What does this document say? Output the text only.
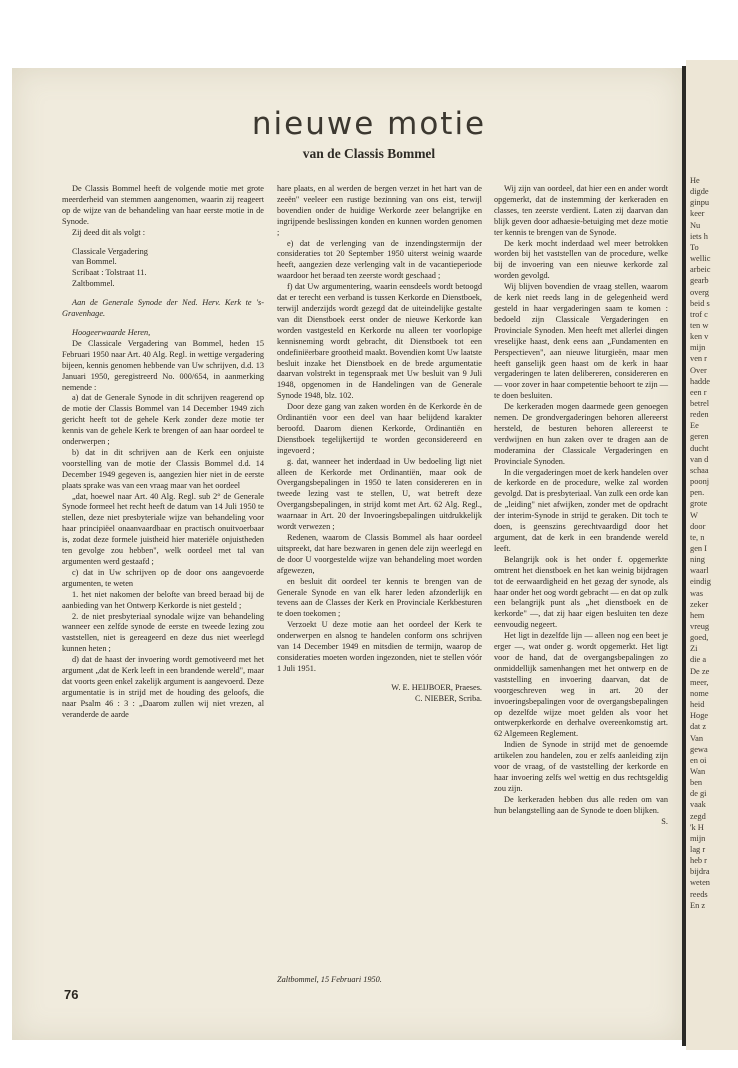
He
digde
ginpu
keer
Nu
iets h
To
wellic
arbeic
gearb
overg
beid s
trof c
ten w
ken v
mijn
ven r
Over
hadde
een r
betrel
reden
Ee
geren
ducht
van d
schaa
poonj
pen.
grote
W
door
te, n
gen I
ning
waarl
eindig
was
zeker
hem
vreug
goed,
Zi
die a
De ze
meer,
nome
heid
Hoge
dat z
Van
gewa
en oi
Wan
ben
de gi
vaak
zegd
'k H
mijn
lag r
heb r
bijdra
weten
reeds
En z
nieuwe motie
van de Classis Bommel

De Classis Bommel heeft de volgende motie met grote meerderheid van stemmen aangenomen, waarin zij reageert op de wijze van de behandeling van haar eerste motie in de Synode.

Zij deed dit als volgt :

Classicale Vergadering

van Bommel.

Scribaat : Tolstraat 11.

Zaltbommel.

Aan de Generale Synode der Ned. Herv. Kerk te 's-Gravenhage.

Hoogeerwaarde Heren,

De Classicale Vergadering van Bommel, heden 15 Februari 1950 naar Art. 40 Alg. Regl. in wettige vergadering bijeen, kennis genomen hebbende van Uw schrijven, d.d. 13 Januari 1950, geregistreerd No. 000/654, in aanmerking nemende :

a) dat de Generale Synode in dit schrijven reagerend op de motie der Classis Bommel van 14 December 1949 zich gericht heeft tot de gehele Kerk zonder deze motie ter kennis van de gehele Kerk te brengen of aan haar oordeel te onderwerpen ;

b) dat in dit schrijven aan de Kerk een onjuiste voorstelling van de motie der Classis Bommel d.d. 14 December 1949 gegeven is, aangezien hier niet in de eerste plaats sprake was van een vraag maar van het oordeel

„dat, hoewel naar Art. 40 Alg. Regl. sub 2° de Generale Synode formeel het recht heeft de datum van 14 Juli 1950 te stellen, deze niet presbyteriale wijze van behandeling voor haar principiëel onaanvaardbaar en practisch onuitvoerbaar is, zodat deze formele juistheid hier materiële onjuistheden ten gevolge zou hebben", welk oordeel met tal van argumenten werd gestaafd ;

c) dat in Uw schrijven op de door ons aangevoerde argumenten, te weten

1. het niet nakomen der belofte van breed beraad bij de aanbieding van het Ontwerp Kerkorde is niet gesteld ;

2. de niet presbyteriaal synodale wijze van behandeling wanneer een zelfde synode de eerste en tweede lezing zou vaststellen, niet is gereageerd en deze dus niet weerlegd kunnen heten ;

d) dat de haast der invoering wordt gemotiveerd met het argument „dat de Kerk leeft in een brandende wereld", maar dat voorts geen enkel zakelijk argument is aangevoerd. Deze argumentatie is in strijd met de houding des geloofs, die naar Psalm 46 : 3 : „Daarom zullen wij niet vrezen, al veranderde de aarde

hare plaats, en al werden de bergen verzet in het hart van de zeeën" veeleer een rustige bezinning van ons eist, terwijl bovendien onder de huidige Werkorde zeer belangrijke en ingrijpende beslissingen konden en kunnen worden genomen ;

e) dat de verlenging van de inzendingstermijn der consideraties tot 20 September 1950 uiterst weinig waarde heeft, aangezien deze verlenging valt in de vacantieperiode waardoor het beraad ten zeerste wordt geschaad ;

f) dat Uw argumentering, waarin eensdeels wordt betoogd dat er terecht een verband is tussen Kerkorde en Dienstboek, terwijl anderzijds wordt gezegd dat de uiteindelijke gestalte van dit Dienstboek eerst onder de nieuwe Kerkorde kan worden vastgesteld en Kerkorde nu alleen ter voorlopige kennisneming wordt gebracht, dit Dienstboek tot een ondefiniëerbare grootheid maakt. Bovendien komt Uw laatste besluit inzake het Dienstboek en de brede argumentatie daarvan volstrekt in tegenspraak met Uw besluit van 9 Juli 1948, opgenomen in de Handelingen van de Generale Synode 1948, blz. 102.

Door deze gang van zaken worden èn de Kerkorde èn de Ordinantiën voor een deel van haar belijdend karakter beroofd. Daarom dienen Kerkorde, Ordinantiën en Dienstboek tegelijkertijd te worden geconsidereerd en ingevoerd ;

g. dat, wanneer het inderdaad in Uw bedoeling ligt niet alleen de Kerkorde met Ordinantiën, maar ook de Overgangsbepalingen in 1950 te laten considereren en in tweede lezing vast te stellen, U, wat betreft deze Overgangsbepalingen, in strijd komt met Art. 62 Alg. Regl., waarnaar in Art. 20 der Invoeringsbepalingen uitdrukkelijk wordt verwezen ;

Redenen, waarom de Classis Bommel als haar oordeel uitspreekt, dat hare bezwaren in genen dele zijn weerlegd en de door U voorgestelde wijze van behandeling moet worden afgewezen,

en besluit dit oordeel ter kennis te brengen van de Generale Synode en van elk harer leden afzonderlijk en tevens aan de Classes der Kerk en Provinciale Kerkbesturen te doen toekomen ;

Verzoekt U deze motie aan het oordeel der Kerk te onderwerpen en alsnog te handelen conform ons schrijven van 14 December 1949 en mitsdien de termijn, waarop de consideraties moeten worden ingezonden, niet te stellen vóór 1 Juli 1951.

W. E. HEIJBOER, Praeses.

C. NIEBER, Scriba.

Zaltbommel, 15 Februari 1950.

Wij zijn van oordeel, dat hier een en ander wordt opgemerkt, dat de instemming der kerkeraden en classes, ten zeerste verdient. Laten zij daarvan dan blijk geven door adhaesie-betuiging met deze motie ter kennis te brengen van de Synode.

De kerk mocht inderdaad wel meer betrokken worden bij het vaststellen van de procedure, welke bij de invoering van een nieuwe kerkorde zal worden gevolgd.

Wij blijven bovendien de vraag stellen, waarom de kerk niet reeds lang in de gelegenheid werd gesteld in haar vergaderingen saam te komen : bedoeld zijn Classicale Vergaderingen en Provinciale Synoden. Men heeft met allerlei dingen vreselijke haast, denk eens aan „Fundamenten en Perspectieven", aan nieuwe liturgieën, maar men heeft ganselijk geen haast om de kerk in haar vergaderingen te laten delibereren, considereren en — voor zover in haar competentie behoort te zijn — te doen besluiten.

De kerkeraden mogen daarmede geen genoegen nemen. De grondvergaderingen behoren allereerst hersteld, de besturen behoren allereerst te verdwijnen en hun zaken over te dragen aan de moderamina der Classicale Vergaderingen en Provinciale Synoden.

In die vergaderingen moet de kerk handelen over de kerkorde en de procedure, welke zal worden gevolgd. Dat is presbyteriaal. Van zulk een orde kan de „leiding" niet afwijken, zonder met de opdracht der interim-Synode in strijd te geraken. Dit toch te doen, is geenszins gerechtvaardigd door het argument, dat de kerk in een brandende wereld leeft.

Belangrijk ook is het onder f. opgemerkte omtrent het dienstboek en het kan weinig bijdragen tot de eerwaardigheid en het gezag der synode, als haar onder het oog wordt gebracht — en dat op zulk een belangrijk punt als „het dienstboek en de kerkorde" —, dat zij haar eigen besluiten ten deze eenvoudig negeert.

Het ligt in dezelfde lijn — alleen nog een beet je erger —, wat onder g. wordt opgemerkt. Het ligt voor de hand, dat de overgangsbepalingen zo onmiddellijk samenhangen met het ontwerp en de vaststelling en invoering daarvan, dat de voorgeschreven weg in art. 20 der invoeringsbepalingen voor de overgangsbepalingen op dezelfde wijze moet gelden als voor het ontwerpkerkorde en derhalve overeenkomstig art. 62 Algemeen Reglement.

Indien de Synode in strijd met de genoemde artikelen zou handelen, zou er zelfs aanleiding zijn voor de vraag, of de vaststelling der kerkorde en haar invoering zelfs wel wettig en dus rechtsgeldig zou zijn.

De kerkeraden hebben dus alle reden om van hun belangstelling aan de Synode te doen blijken.

S.

76
